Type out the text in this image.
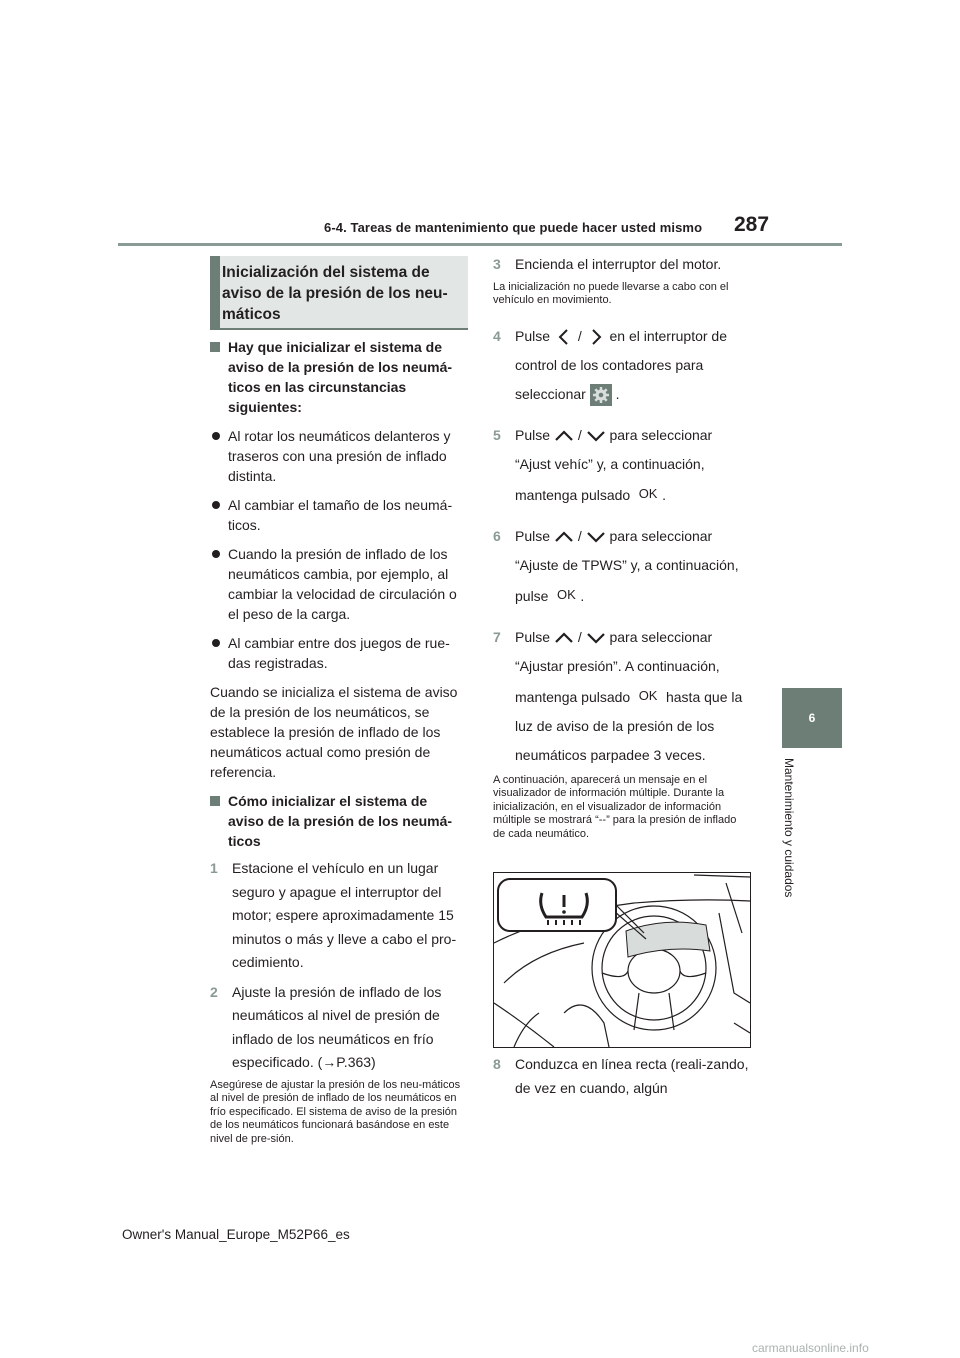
6-4. Tareas de mantenimiento que puede hacer usted mismo 287
Inicialización del sistema de aviso de la presión de los neu-máticos

Hay que inicializar el sistema de aviso de la presión de los neumá-ticos en las circunstancias siguientes:

Al rotar los neumáticos delanteros y traseros con una presión de inflado distinta.

Al cambiar el tamaño de los neumá-ticos.

Cuando la presión de inflado de los neumáticos cambia, por ejemplo, al cambiar la velocidad de circulación o el peso de la carga.

Al cambiar entre dos juegos de rue-das registradas.

Cuando se inicializa el sistema de aviso de la presión de los neumáticos, se establece la presión de inflado de los neumáticos actual como presión de referencia.

Cómo inicializar el sistema de aviso de la presión de los neumá-ticos

1 Estacione el vehículo en un lugar seguro y apague el interruptor del motor; espere aproximadamente 15 minutos o más y lleve a cabo el pro-cedimiento.

2 Ajuste la presión de inflado de los neumáticos al nivel de presión de inflado de los neumáticos en frío especificado. (→P.363)

Asegúrese de ajustar la presión de los neu-máticos al nivel de presión de inflado de los neumáticos en frío especificado. El sistema de aviso de la presión de los neumáticos funcionará basándose en este nivel de pre-sión.

3 Encienda el interruptor del motor.

La inicialización no puede llevarse a cabo con el vehículo en movimiento.

4 Pulse / en el interruptor de control de los contadores para seleccionar .

5 Pulse / para seleccionar “Ajust vehíc” y, a continuación, mantenga pulsado OK .

6 Pulse / para seleccionar “Ajuste de TPWS” y, a continuación, pulse OK .

7 Pulse / para seleccionar “Ajustar presión”. A continuación, mantenga pulsado OK hasta que la luz de aviso de la presión de los neumáticos parpadee 3 veces.

A continuación, aparecerá un mensaje en el visualizador de información múltiple. Durante la inicialización, en el visualizador de información múltiple se mostrará “--” para la presión de inflado de cada neumático.

8 Conduzca en línea recta (reali-zando, de vez en cuando, algún

6
Mantenimiento y cuidados
Owner's Manual_Europe_M52P66_es
carmanualsonline.info
